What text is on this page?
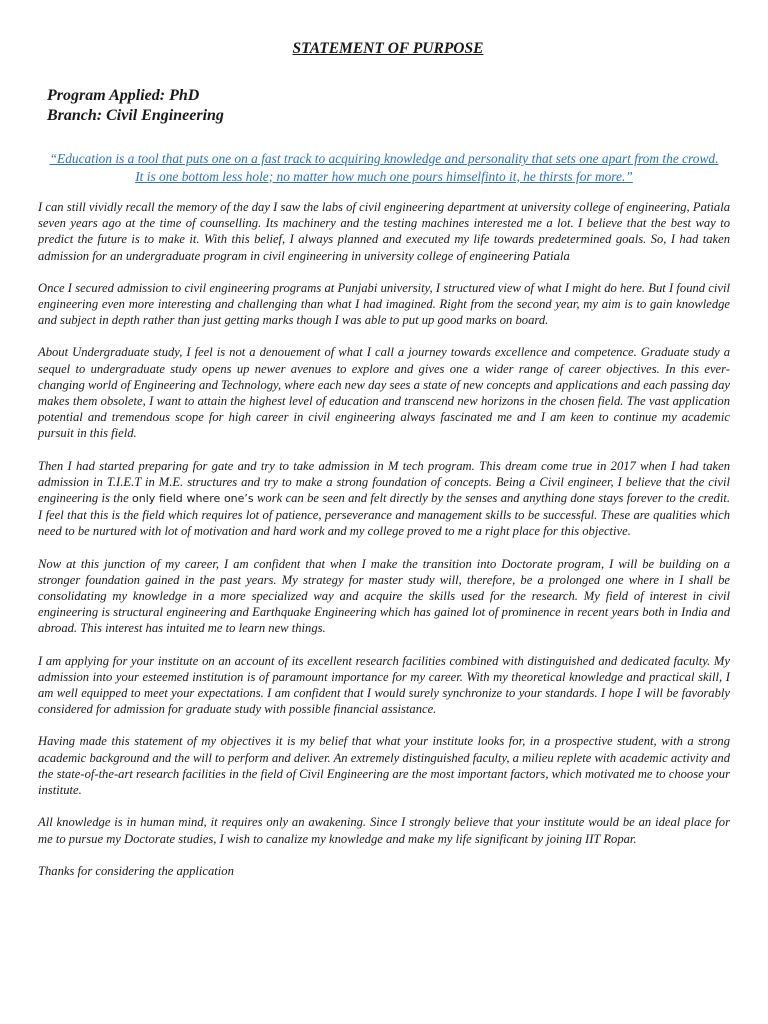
STATEMENT OF PURPOSE
Program Applied: PhD
Branch: Civil Engineering
“Education is a tool that puts one on a fast track to acquiring knowledge and personality that sets one apart from the crowd. It is one bottom less hole; no matter how much one pours himselfinto it, he thirsts for more.”

I can still vividly recall the memory of the day I saw the labs of civil engineering department at university college of engineering, Patiala seven years ago at the time of counselling. Its machinery and the testing machines interested me a lot. I believe that the best way to predict the future is to make it. With this belief, I always planned and executed my life towards predetermined goals. So, I had taken admission for an undergraduate program in civil engineering in university college of engineering Patiala

Once I secured admission to civil engineering programs at Punjabi university, I structured view of what I might do here. But I found civil engineering even more interesting and challenging than what I had imagined. Right from the second year, my aim is to gain knowledge and subject in depth rather than just getting marks though I was able to put up good marks on board.

About Undergraduate study, I feel is not a denouement of what I call a journey towards excellence and competence. Graduate study a sequel to undergraduate study opens up newer avenues to explore and gives one a wider range of career objectives. In this ever-changing world of Engineering and Technology, where each new day sees a state of new concepts and applications and each passing day makes them obsolete, I want to attain the highest level of education and transcend new horizons in the chosen field. The vast application potential and tremendous scope for high career in civil engineering always fascinated me and I am keen to continue my academic pursuit in this field.

Then I had started preparing for gate and try to take admission in M tech program. This dream come true in 2017 when I had taken admission in T.I.E.T in M.E. structures and try to make a strong foundation of concepts. Being a Civil engineer, I believe that the civil engineering is the only field where one’s work can be seen and felt directly by the senses and anything done stays forever to the credit. I feel that this is the field which requires lot of patience, perseverance and management skills to be successful. These are qualities which need to be nurtured with lot of motivation and hard work and my college proved to me a right place for this objective.

Now at this junction of my career, I am confident that when I make the transition into Doctorate program, I will be building on a stronger foundation gained in the past years. My strategy for master study will, therefore, be a prolonged one where in I shall be consolidating my knowledge in a more specialized way and acquire the skills used for the research. My field of interest in civil engineering is structural engineering and Earthquake Engineering which has gained lot of prominence in recent years both in India and abroad. This interest has intuited me to learn new things.

I am applying for your institute on an account of its excellent research facilities combined with distinguished and dedicated faculty. My admission into your esteemed institution is of paramount importance for my career. With my theoretical knowledge and practical skill, I am well equipped to meet your expectations. I am confident that I would surely synchronize to your standards. I hope I will be favorably considered for admission for graduate study with possible financial assistance.

Having made this statement of my objectives it is my belief that what your institute looks for, in a prospective student, with a strong academic background and the will to perform and deliver. An extremely distinguished faculty, a milieu replete with academic activity and the state-of-the-art research facilities in the field of Civil Engineering are the most important factors, which motivated me to choose your institute.

All knowledge is in human mind, it requires only an awakening. Since I strongly believe that your institute would be an ideal place for me to pursue my Doctorate studies, I wish to canalize my knowledge and make my life significant by joining IIT Ropar.

Thanks for considering the application
